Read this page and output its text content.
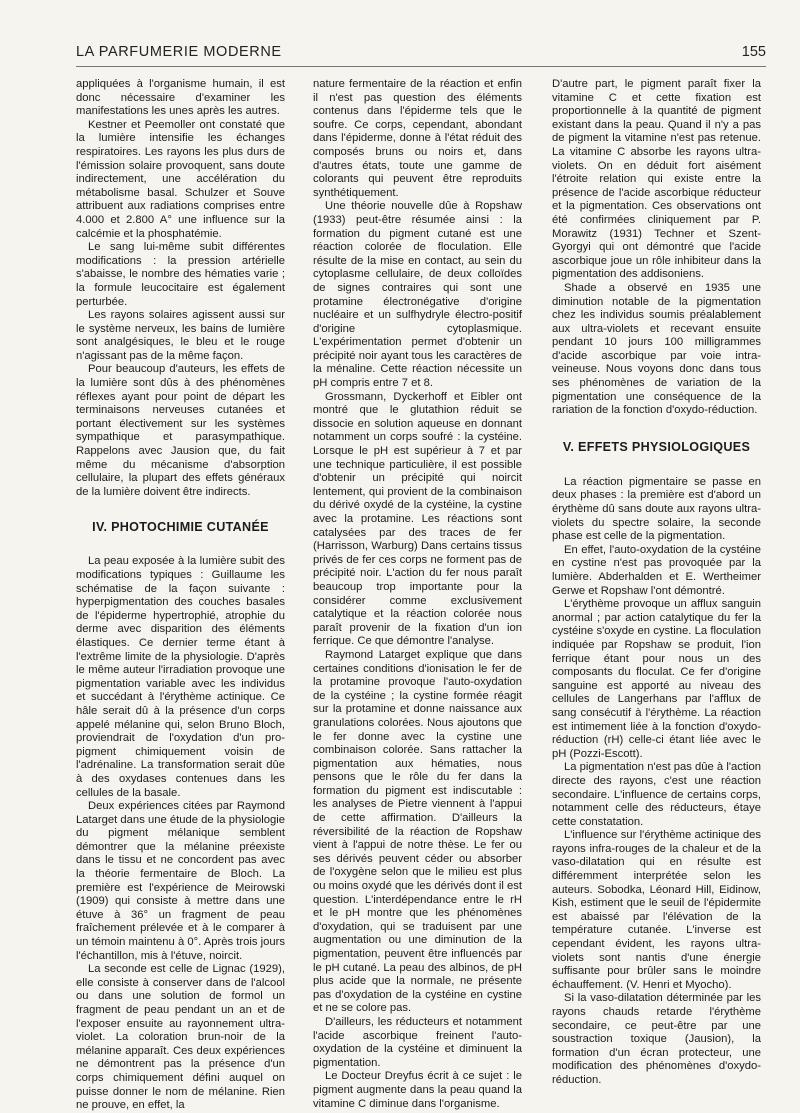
LA PARFUMERIE MODERNE	155

appliquées à l'organisme humain, il est donc nécessaire d'examiner les manifestations les unes après les autres.

Kestner et Peemoller ont constaté que la lumière intensifie les échanges respiratoires. Les rayons les plus durs de l'émission solaire provoquent, sans doute indirectement, une accélération du métabolisme basal. Schulzer et Souve attribuent aux radiations comprises entre 4.000 et 2.800 A° une influence sur la calcémie et la phosphatémie.

Le sang lui-même subit différentes modifications : la pression artérielle s'abaisse, le nombre des hématies varie ; la formule leucocitaire est également perturbée.

Les rayons solaires agissent aussi sur le système nerveux, les bains de lumière sont analgésiques, le bleu et le rouge n'agissant pas de la même façon.

Pour beaucoup d'auteurs, les effets de la lumière sont dûs à des phénomènes réflexes ayant pour point de départ les terminaisons nerveuses cutanées et portant électivement sur les systèmes sympathique et parasympathique. Rappelons avec Jausion que, du fait même du mécanisme d'absorption cellulaire, la plupart des effets généraux de la lumière doivent être indirects.

IV. PHOTOCHIMIE CUTANÉE

La peau exposée à la lumière subit des modifications typiques : Guillaume les schématise de la façon suivante : hyperpigmentation des couches basales de l'épiderme hypertrophié, atrophie du derme avec disparition des éléments élastiques. Ce dernier terme étant à l'extrême limite de la physiologie. D'après le même auteur l'irradiation provoque une pigmentation variable avec les individus et succédant à l'érythème actinique. Ce hâle serait dû à la présence d'un corps appelé mélanine qui, selon Bruno Bloch, proviendrait de l'oxydation d'un pro-pigment chimiquement voisin de l'adrénaline. La transformation serait dûe à des oxydases contenues dans les cellules de la basale.

Deux expériences citées par Raymond Latarget dans une étude de la physiologie du pigment mélanique semblent démontrer que la mélanine préexiste dans le tissu et ne concordent pas avec la théorie fermentaire de Bloch. La première est l'expérience de Meirowski (1909) qui consiste à mettre dans une étuve à 36° un fragment de peau fraîchement prélevée et à le comparer à un témoin maintenu à 0°. Après trois jours l'échantillon, mis à l'étuve, noircit.

La seconde est celle de Lignac (1929), elle consiste à conserver dans de l'alcool ou dans une solution de formol un fragment de peau pendant un an et de l'exposer ensuite au rayonnement ultra-violet. La coloration brun-noir de la mélanine apparaît. Ces deux expériences ne démontrent pas la présence d'un corps chimiquement défini auquel on puisse donner le nom de mélanine. Rien ne prouve, en effet, la

nature fermentaire de la réaction et enfin il n'est pas question des éléments contenus dans l'épiderme tels que le soufre. Ce corps, cependant, abondant dans l'épiderme, donne à l'état réduit des composés bruns ou noirs et, dans d'autres états, toute une gamme de colorants qui peuvent être reproduits synthétiquement.

Une théorie nouvelle dûe à Ropshaw (1933) peut-être résumée ainsi : la formation du pigment cutané est une réaction colorée de floculation. Elle résulte de la mise en contact, au sein du cytoplasme cellulaire, de deux colloïdes de signes contraires qui sont une protamine électronégative d'origine nucléaire et un sulfhydryle électro-positif d'origine cytoplasmique. L'expérimentation permet d'obtenir un précipité noir ayant tous les caractères de la ménaline. Cette réaction nécessite un pH compris entre 7 et 8.

Grossmann, Dyckerhoff et Eibler ont montré que le glutathion réduit se dissocie en solution aqueuse en donnant notamment un corps soufré : la cystéine. Lorsque le pH est supérieur à 7 et par une technique particulière, il est possible d'obtenir un précipité qui noircit lentement, qui provient de la combinaison du dérivé oxydé de la cystéine, la cystine avec la protamine. Les réactions sont catalysées par des traces de fer (Harrisson, Warburg) Dans certains tissus privés de fer ces corps ne forment pas de précipité noir. L'action du fer nous paraît beaucoup trop importante pour la considérer comme exclusivement catalytique et la réaction colorée nous paraît provenir de la fixation d'un ion ferrique. Ce que démontre l'analyse.

Raymond Latarget explique que dans certaines conditions d'ionisation le fer de la protamine provoque l'auto-oxydation de la cystéine ; la cystine formée réagit sur la protamine et donne naissance aux granulations colorées. Nous ajoutons que le fer donne avec la cystine une combinaison colorée. Sans rattacher la pigmentation aux hématies, nous pensons que le rôle du fer dans la formation du pigment est indiscutable : les analyses de Pietre viennent à l'appui de cette affirmation. D'ailleurs la réversibilité de la réaction de Ropshaw vient à l'appui de notre thèse. Le fer ou ses dérivés peuvent céder ou absorber de l'oxygène selon que le milieu est plus ou moins oxydé que les dérivés dont il est question. L'interdépendance entre le rH et le pH montre que les phénomènes d'oxydation, qui se traduisent par une augmentation ou une diminution de la pigmentation, peuvent être influencés par le pH cutané. La peau des albinos, de pH plus acide que la normale, ne présente pas d'oxydation de la cystéine en cystine et ne se colore pas.

D'ailleurs, les réducteurs et notamment l'acide ascorbique freinent l'auto-oxydation de la cystéine et diminuent la pigmentation.

Le Docteur Dreyfus écrit à ce sujet : le pigment augmente dans la peau quand la vitamine C diminue dans l'organisme.

D'autre part, le pigment paraît fixer la vitamine C et cette fixation est proportionnelle à la quantité de pigment existant dans la peau. Quand il n'y a pas de pigment la vitamine n'est pas retenue. La vitamine C absorbe les rayons ultra-violets. On en déduit fort aisément l'étroite relation qui existe entre la présence de l'acide ascorbique réducteur et la pigmentation. Ces observations ont été confirmées cliniquement par P. Morawitz (1931) Techner et Szent-Gyorgyi qui ont démontré que l'acide ascorbique joue un rôle inhibiteur dans la pigmentation des addisoniens.

Shade a observé en 1935 une diminution notable de la pigmentation chez les individus soumis préalablement aux ultra-violets et recevant ensuite pendant 10 jours 100 milligrammes d'acide ascorbique par voie intra-veineuse. Nous voyons donc dans tous ses phénomènes de variation de la pigmentation une conséquence de la rariation de la fonction d'oxydo-réduction.

V. EFFETS PHYSIOLOGIQUES

La réaction pigmentaire se passe en deux phases : la première est d'abord un érythème dû sans doute aux rayons ultra-violets du spectre solaire, la seconde phase est celle de la pigmentation.

En effet, l'auto-oxydation de la cystéine en cystine n'est pas provoquée par la lumière. Abderhalden et E. Wertheimer Gerwe et Ropshaw l'ont démontré.

L'érythème provoque un afflux sanguin anormal ; par action catalytique du fer la cystéine s'oxyde en cystine. La floculation indiquée par Ropshaw se produit, l'ion ferrique étant pour nous un des composants du floculat. Ce fer d'origine sanguine est apporté au niveau des cellules de Langerhans par l'afflux de sang consécutif à l'érythème. La réaction est intimement liée à la fonction d'oxydo-réduction (rH) celle-ci étant liée avec le pH (Pozzi-Escott).

La pigmentation n'est pas dûe à l'action directe des rayons, c'est une réaction secondaire. L'influence de certains corps, notamment celle des réducteurs, étaye cette constatation.

L'influence sur l'érythème actinique des rayons infra-rouges de la chaleur et de la vaso-dilatation qui en résulte est différemment interprétée selon les auteurs. Sobodka, Léonard Hill, Eidinow, Kish, estiment que le seuil de l'épidermite est abaissé par l'élévation de la température cutanée. L'inverse est cependant évident, les rayons ultra-violets sont nantis d'une énergie suffisante pour brûler sans le moindre échauffement. (V. Henri et Myocho).

Si la vaso-dilatation déterminée par les rayons chauds retarde l'érythème secondaire, ce peut-être par une soustraction toxique (Jausion), la formation d'un écran protecteur, une modification des phénomènes d'oxydo-réduction.
